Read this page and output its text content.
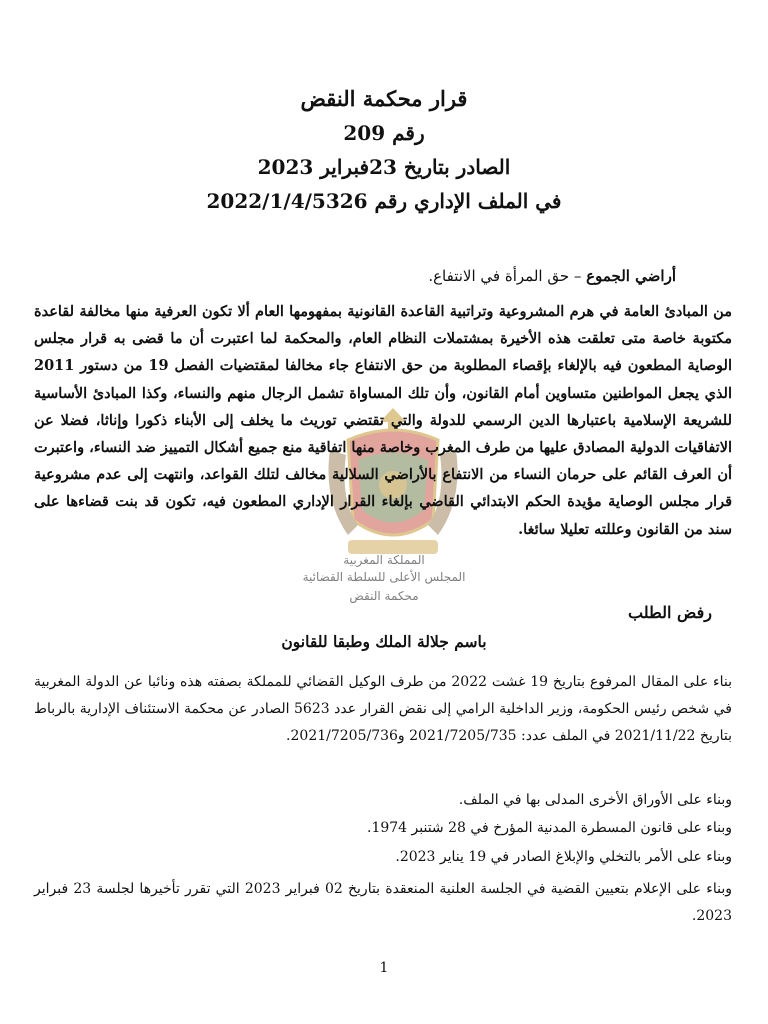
قرار محكمة النقض

رقم 209

الصادر بتاريخ 23فبراير 2023

في الملف الإداري رقم 2022/1/4/5326

أراضي الجموع – حق المرأة في الانتفاع.

من المبادئ العامة في هرم المشروعية وتراتبية القاعدة القانونية بمفهومها العام ألا تكون العرفية منها مخالفة لقاعدة مكتوبة خاصة متى تعلقت هذه الأخيرة بمشتملات النظام العام، والمحكمة لما اعتبرت أن ما قضى به قرار مجلس الوصاية المطعون فيه بالإلغاء بإقصاء المطلوبة من حق الانتفاع جاء مخالفا لمقتضيات الفصل 19 من دستور 2011 الذي يجعل المواطنين متساوين أمام القانون، وأن تلك المساواة تشمل الرجال منهم والنساء، وكذا المبادئ الأساسية للشريعة الإسلامية باعتبارها الدين الرسمي للدولة والتي تقتضي توريث ما يخلف إلى الأبناء ذكورا وإناثا، فضلا عن الاتفاقيات الدولية المصادق عليها من طرف المغرب وخاصة منها اتفاقية منع جميع أشكال التمييز ضد النساء، واعتبرت أن العرف القائم على حرمان النساء من الانتفاع بالأراضي السلالية مخالف لتلك القواعد، وانتهت إلى عدم مشروعية قرار مجلس الوصاية مؤيدة الحكم الابتدائي القاضي بإلغاء القرار الإداري المطعون فيه، تكون قد بنت قضاءها على سند من القانون وعللته تعليلا سائغا.

المملكة المغربية
المجلس الأعلى للسلطة القضائية
محكمة النقض
رفض الطلب
باسم جلالة الملك وطبقا للقانون

بناء على المقال المرفوع بتاريخ 19 غشت 2022 من طرف الوكيل القضائي للمملكة بصفته هذه ونائبا عن الدولة المغربية في شخص رئيس الحكومة، وزير الداخلية الرامي إلى نقض القرار عدد 5623 الصادر عن محكمة الاستئناف الإدارية بالرباط بتاريخ 2021/11/22 في الملف عدد: 2021/7205/735 و2021/7205/736.

وبناء على الأوراق الأخرى المدلى بها في الملف.

وبناء على قانون المسطرة المدنية المؤرخ في 28 شتنبر 1974.

وبناء على الأمر بالتخلي والإبلاغ الصادر في 19 يناير 2023.

وبناء على الإعلام بتعيين القضية في الجلسة العلنية المنعقدة بتاريخ 02 فبراير 2023 التي تقرر تأخيرها لجلسة 23 فبراير 2023.

1
